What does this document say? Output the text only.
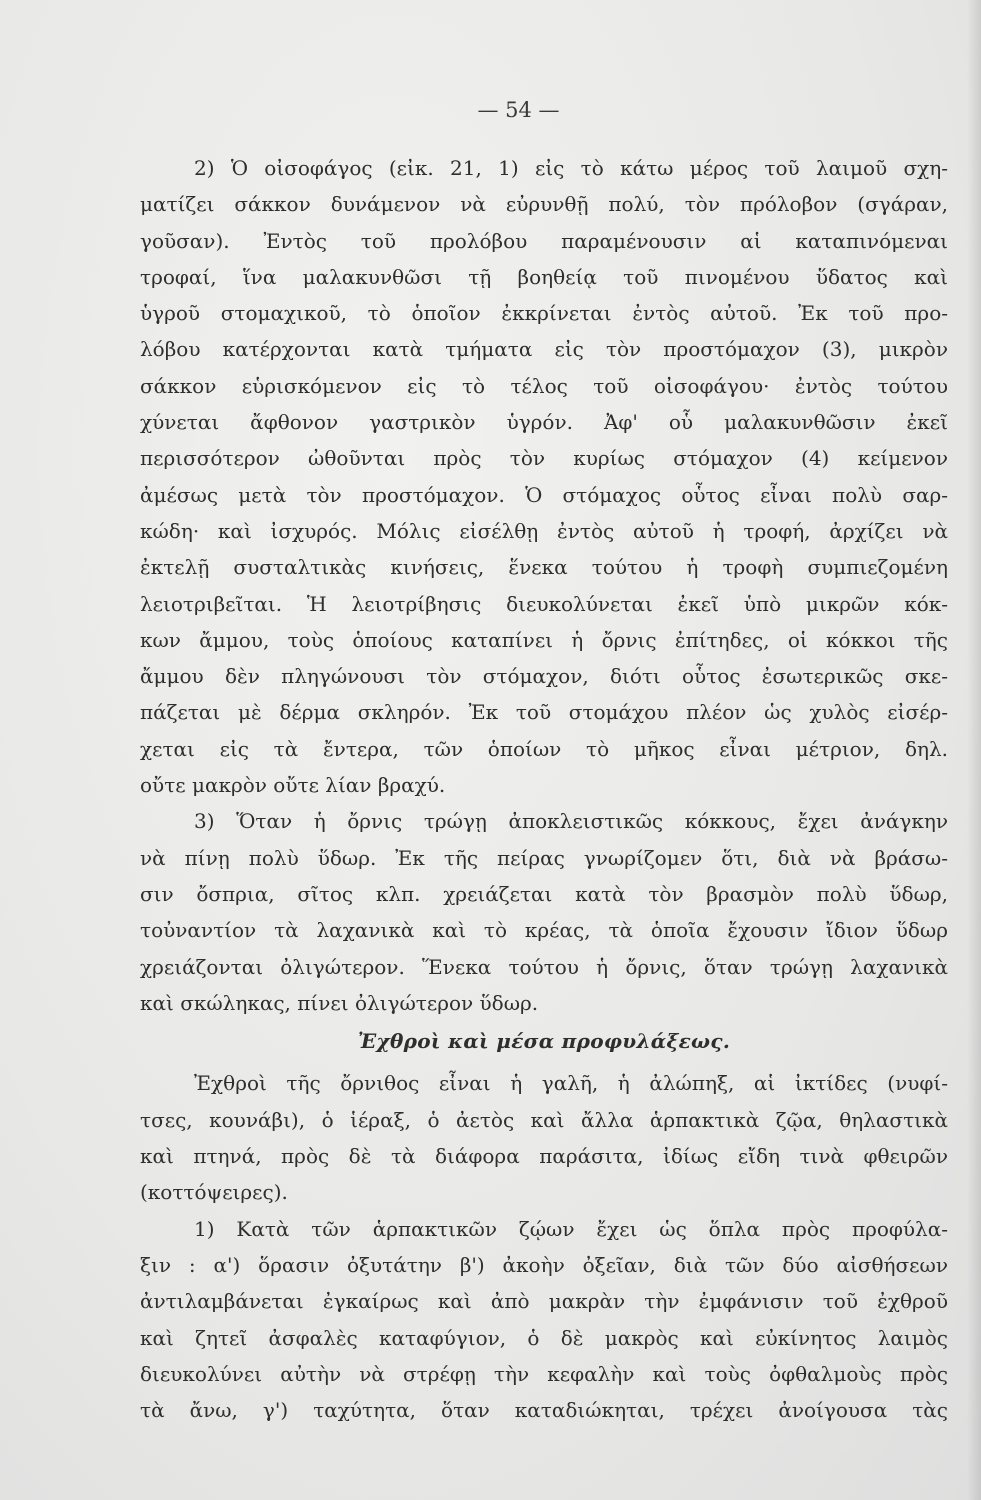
— 54 —
2) Ὁ οἰσοφάγος (εἰκ. 21, 1) εἰς τὸ κάτω μέρος τοῦ λαιμοῦ σχη-
ματίζει σάκκον δυνάμενον νὰ εὐρυνθῇ πολύ, τὸν πρόλοβον (σγάραν,
γοῦσαν). Ἐντὸς τοῦ προλόβου παραμένουσιν αἱ καταπινόμεναι
τροφαί, ἵνα μαλακυνθῶσι τῇ βοηθείᾳ τοῦ πινομένου ὕδατος καὶ
ὑγροῦ στομαχικοῦ, τὸ ὁποῖον ἐκκρίνεται ἐντὸς αὐτοῦ. Ἐκ τοῦ προ-
λόβου κατέρχονται κατὰ τμήματα εἰς τὸν προστόμαχον (3), μικρὸν
σάκκον εὑρισκόμενον εἰς τὸ τέλος τοῦ οἰσοφάγου· ἐντὸς τούτου
χύνεται ἄφθονον γαστρικὸν ὑγρόν. Ἀφ' οὗ μαλακυνθῶσιν ἐκεῖ
περισσότερον ὠθοῦνται πρὸς τὸν κυρίως στόμαχον (4) κείμενον
ἀμέσως μετὰ τὸν προστόμαχον. Ὁ στόμαχος οὗτος εἶναι πολὺ σαρ-
κώδη· καὶ ἰσχυρός. Μόλις εἰσέλθῃ ἐντὸς αὐτοῦ ἡ τροφή, ἀρχίζει νὰ
ἐκτελῇ συσταλτικὰς κινήσεις, ἕνεκα τούτου ἡ τροφὴ συμπιεζομένη
λειοτριβεῖται. Ἡ λειοτρίβησις διευκολύνεται ἐκεῖ ὑπὸ μικρῶν κόκ-
κων ἄμμου, τοὺς ὁποίους καταπίνει ἡ ὄρνις ἐπίτηδες, οἱ κόκκοι τῆς
ἄμμου δὲν πληγώνουσι τὸν στόμαχον, διότι οὗτος ἐσωτερικῶς σκε-
πάζεται μὲ δέρμα σκληρόν. Ἐκ τοῦ στομάχου πλέον ὡς χυλὸς εἰσέρ-
χεται εἰς τὰ ἔντερα, τῶν ὁποίων τὸ μῆκος εἶναι μέτριον, δηλ.
οὔτε μακρὸν οὔτε λίαν βραχύ.
3) Ὅταν ἡ ὄρνις τρώγῃ ἀποκλειστικῶς κόκκους, ἔχει ἀνάγκην
νὰ πίνῃ πολὺ ὕδωρ. Ἐκ τῆς πείρας γνωρίζομεν ὅτι, διὰ νὰ βράσω-
σιν ὄσπρια, σῖτος κλπ. χρειάζεται κατὰ τὸν βρασμὸν πολὺ ὕδωρ,
τοὐναντίον τὰ λαχανικὰ καὶ τὸ κρέας, τὰ ὁποῖα ἔχουσιν ἴδιον ὕδωρ
χρειάζονται ὀλιγώτερον. Ἕνεκα τούτου ἡ ὄρνις, ὅταν τρώγῃ λαχανικὰ
καὶ σκώληκας, πίνει ὀλιγώτερον ὕδωρ.
Ἐχθροὶ καὶ μέσα προφυλάξεως.
Ἐχθροὶ τῆς ὄρνιθος εἶναι ἡ γαλῆ, ἡ ἀλώπηξ, αἱ ἰκτίδες (νυφί-
τσες, κουνάβι), ὁ ἱέραξ, ὁ ἀετὸς καὶ ἄλλα ἁρπακτικὰ ζῷα, θηλαστικὰ
καὶ πτηνά, πρὸς δὲ τὰ διάφορα παράσιτα, ἰδίως εἴδη τινὰ φθειρῶν
(κοττόψειρες).
1) Κατὰ τῶν ἁρπακτικῶν ζῴων ἔχει ὡς ὅπλα πρὸς προφύλα-
ξιν : α') ὅρασιν ὀξυτάτην β') ἀκοὴν ὀξεῖαν, διὰ τῶν δύο αἰσθήσεων
ἀντιλαμβάνεται ἐγκαίρως καὶ ἀπὸ μακρὰν τὴν ἐμφάνισιν τοῦ ἐχθροῦ
καὶ ζητεῖ ἀσφαλὲς καταφύγιον, ὁ δὲ μακρὸς καὶ εὐκίνητος λαιμὸς
διευκολύνει αὐτὴν νὰ στρέφῃ τὴν κεφαλὴν καὶ τοὺς ὀφθαλμοὺς πρὸς
τὰ ἄνω, γ') ταχύτητα, ὅταν καταδιώκηται, τρέχει ἀνοίγουσα τὰς
